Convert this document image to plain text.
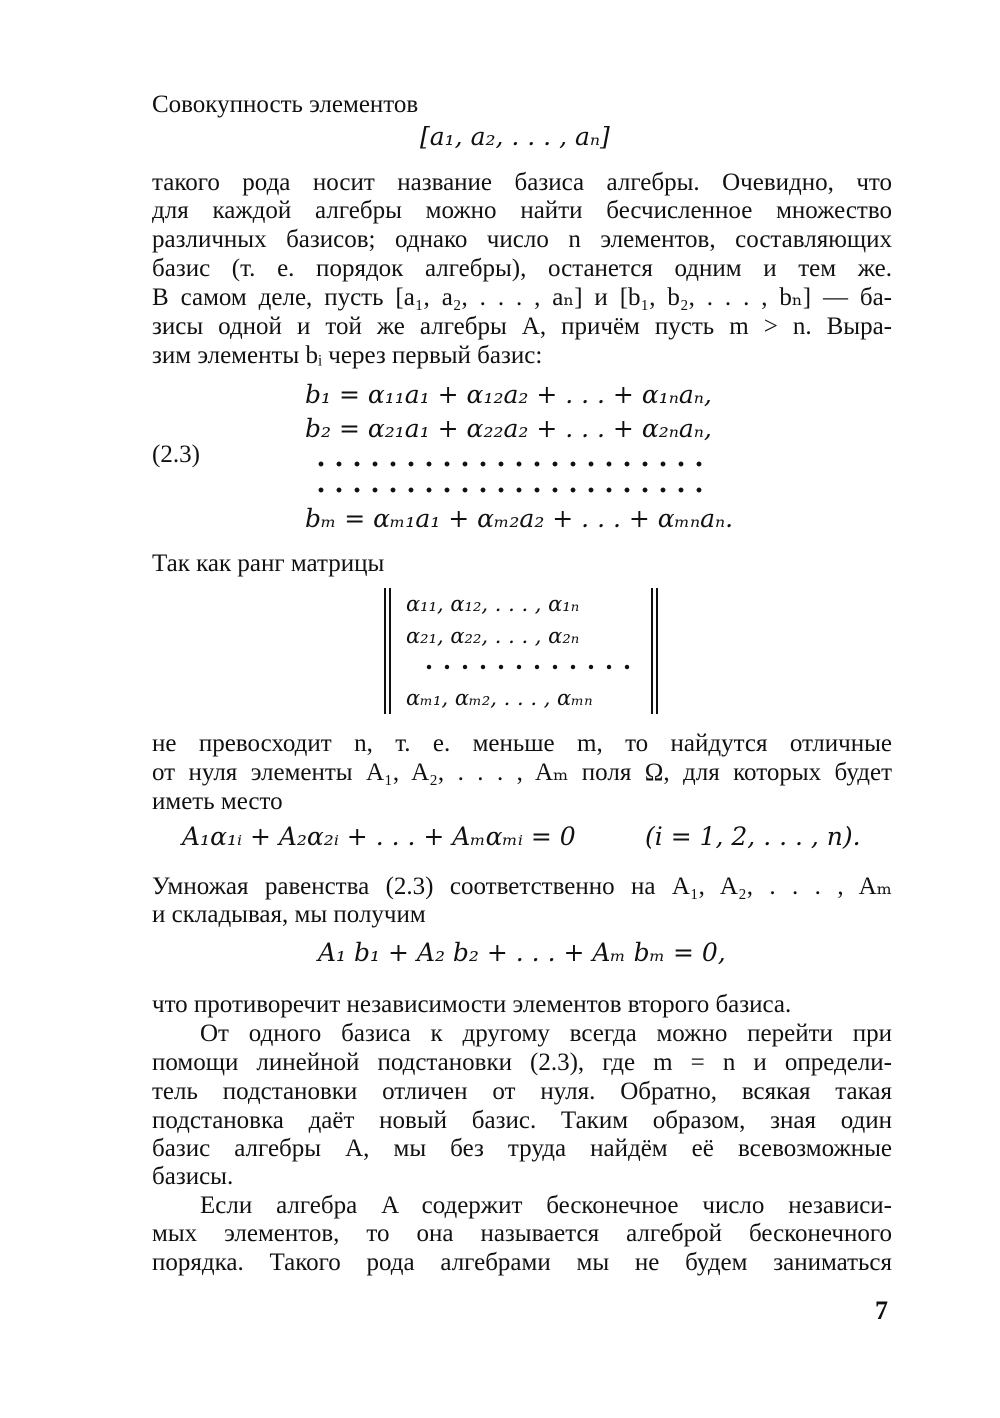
Совокупность элементов
[a₁, a₂, . . . , aₙ]
такого рода носит название базиса алгебры. Очевидно, что
для каждой алгебры можно найти бесчисленное множество
различных базисов; однако число n элементов, составляющих
базис (т. е. порядок алгебры), останется одним и тем же.
В самом деле, пусть [a₁, a₂, . . . , aₙ] и [b₁, b₂, . . . , bₙ] — ба-
зисы одной и той же алгебры A, причём пусть m > n. Выра-
зим элементы bᵢ через первый базис:
b₁ = α₁₁a₁ + α₁₂a₂ + . . . + α₁ₙaₙ,
b₂ = α₂₁a₁ + α₂₂a₂ + . . . + α₂ₙaₙ,
(2.3)
bₘ = αₘ₁a₁ + αₘ₂a₂ + . . . + αₘₙaₙ.
Так как ранг матрицы
α₁₁, α₁₂, . . . , α₁ₙ
α₂₁, α₂₂, . . . , α₂ₙ
αₘ₁, αₘ₂, . . . , αₘₙ
не превосходит n, т. е. меньше m, то найдутся отличные
от нуля элементы A₁, A₂, . . . , Aₘ поля Ω, для которых будет
иметь место
A₁α₁ᵢ + A₂α₂ᵢ + . . . + Aₘαₘᵢ = 0	(i = 1, 2, . . . , n).
Умножая равенства (2.3) соответственно на A₁, A₂, . . . , Aₘ
и складывая, мы получим
A₁ b₁ + A₂ b₂ + . . . + Aₘ bₘ = 0,
что противоречит независимости элементов второго базиса.
От одного базиса к другому всегда можно перейти при
помощи линейной подстановки (2.3), где m = n и определи-
тель подстановки отличен от нуля. Обратно, всякая такая
подстановка даёт новый базис. Таким образом, зная один
базис алгебры A, мы без труда найдём её всевозможные
базисы.
Если алгебра A содержит бесконечное число независи-
мых элементов, то она называется алгеброй бесконечного
порядка. Такого рода алгебрами мы не будем заниматься
7
